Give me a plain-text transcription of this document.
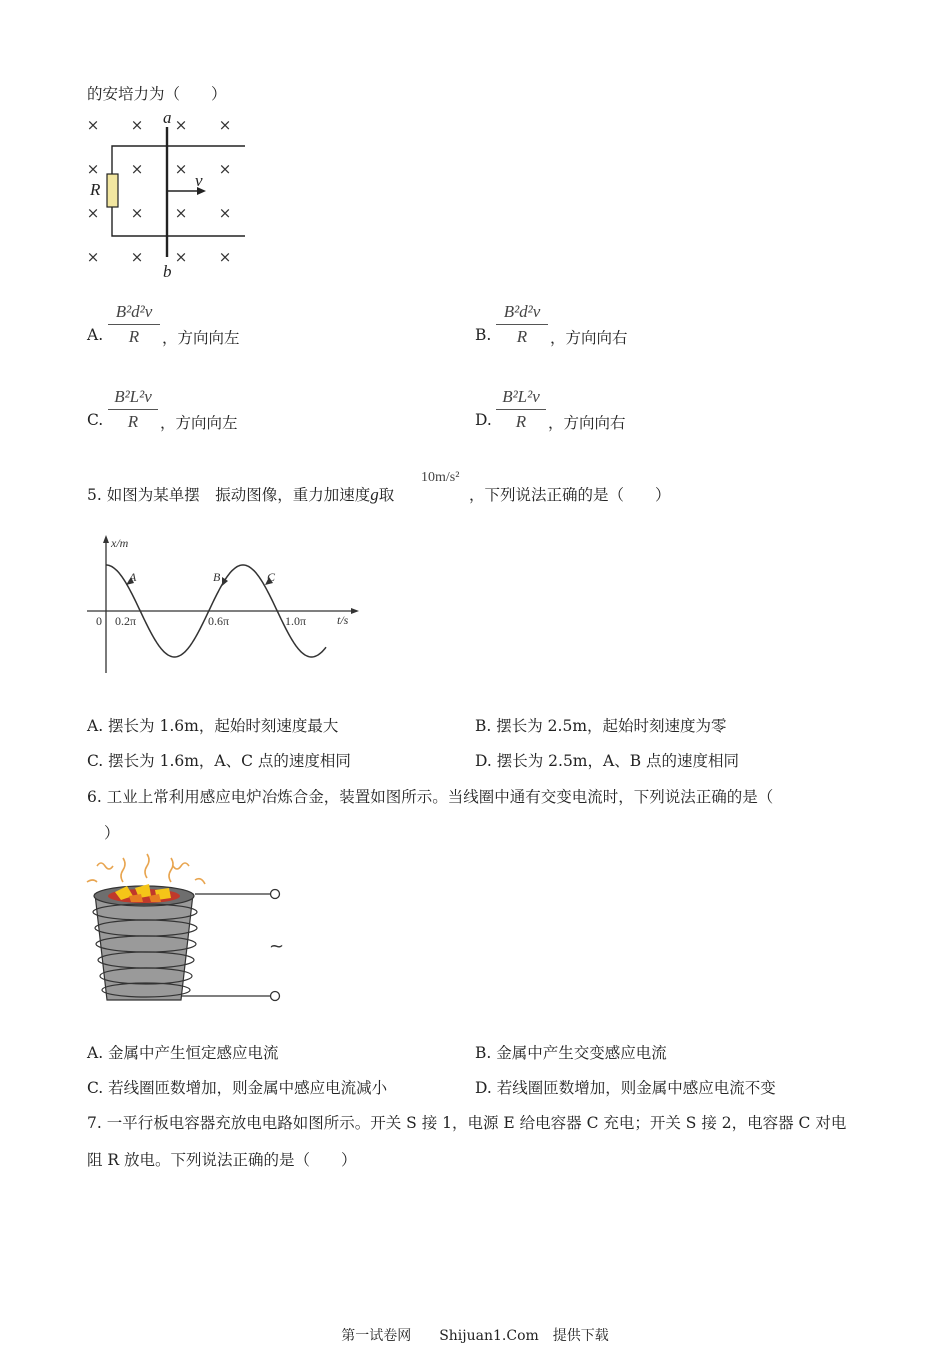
的安培力为（　　）
× × × ×
× × × ×
× × × ×
× × × ×
a
b
R	v
A. $\frac{\text{B²d²v}}{R}$ ，方向向左	B. $\frac{\text{B²d²v}}{R}$ ，方向向右
C. $\frac{\text{B²L²v}}{R}$ ，方向向左	D. $\frac{\text{B²L²v}}{R}$ ，方向向右
5. 如图为某单摆　振动图像，重力加速度g取
10m/s²
，下列说法正确的是（　　）
x/m
t/s
0 0.2π	0.6π	1.0π
A	B	C
A. 摆长为 1.6m，起始时刻速度最大	B. 摆长为 2.5m，起始时刻速度为零
C. 摆长为 1.6m，A、C 点的速度相同	D. 摆长为 2.5m，A、B 点的速度相同
6. 工业上常利用感应电炉冶炼合金，装置如图所示。当线圈中通有交变电流时，下列说法正确的是（
）
~
A. 金属中产生恒定感应电流	B. 金属中产生交变感应电流
C. 若线圈匝数增加，则金属中感应电流减小	D. 若线圈匝数增加，则金属中感应电流不变
7. 一平行板电容器充放电电路如图所示。开关 S 接 1，电源 E 给电容器 C 充电；开关 S 接 2，电容器 C 对电
阻 R 放电。下列说法正确的是（　　）
第一试卷网　　Shijuan1.Com　提供下载
